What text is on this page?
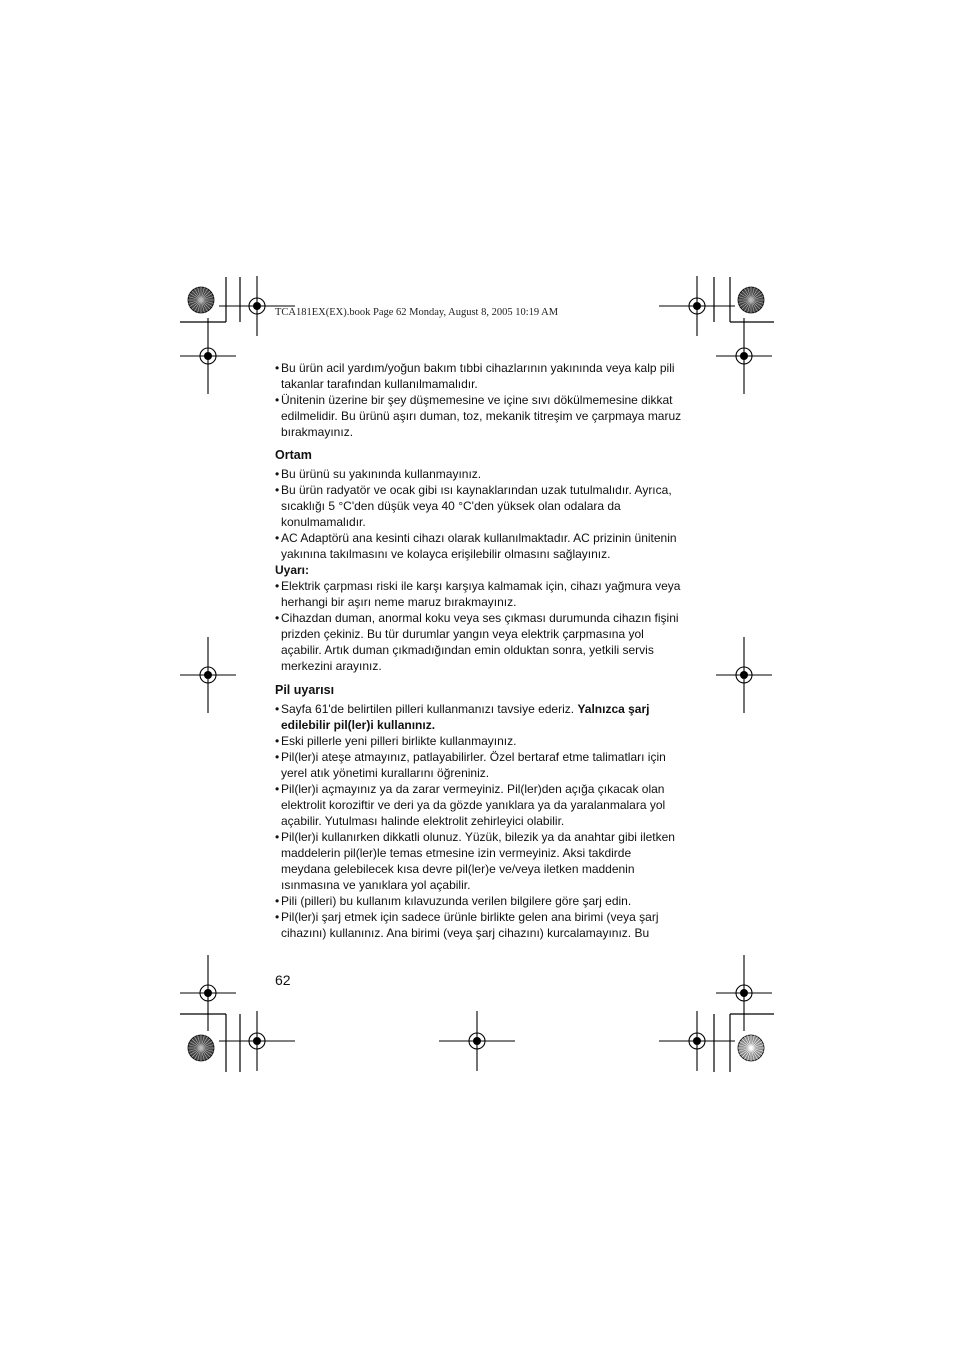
TCA181EX(EX).book Page 62 Monday, August 8, 2005 10:19 AM
• Bu ürün acil yardım/yoğun bakım tıbbi cihazlarının yakınında veya kalp pili takanlar tarafından kullanılmamalıdır.
• Ünitenin üzerine bir şey düşmemesine ve içine sıvı dökülmemesine dikkat edilmelidir. Bu ürünü aşırı duman, toz, mekanik titreşim ve çarpmaya maruz bırakmayınız.
Ortam
• Bu ürünü su yakınında kullanmayınız.
• Bu ürün radyatör ve ocak gibi ısı kaynaklarından uzak tutulmalıdır. Ayrıca, sıcaklığı 5 °C'den düşük veya 40 °C'den yüksek olan odalara da konulmamalıdır.
• AC Adaptörü ana kesinti cihazı olarak kullanılmaktadır. AC prizinin ünitenin yakınına takılmasını ve kolayca erişilebilir olmasını sağlayınız.
Uyarı:
• Elektrik çarpması riski ile karşı karşıya kalmamak için, cihazı yağmura veya herhangi bir aşırı neme maruz bırakmayınız.
• Cihazdan duman, anormal koku veya ses çıkması durumunda cihazın fişini prizden çekiniz. Bu tür durumlar yangın veya elektrik çarpmasına yol açabilir. Artık duman çıkmadığından emin olduktan sonra, yetkili servis merkezini arayınız.
Pil uyarısı
• Sayfa 61'de belirtilen pilleri kullanmanızı tavsiye ederiz. Yalnızca şarj edilebilir pil(ler)i kullanınız.
• Eski pillerle yeni pilleri birlikte kullanmayınız.
• Pil(ler)i ateşe atmayınız, patlayabilirler. Özel bertaraf etme talimatları için yerel atık yönetimi kurallarını öğreniniz.
• Pil(ler)i açmayınız ya da zarar vermeyiniz. Pil(ler)den açığa çıkacak olan elektrolit koroziftir ve deri ya da gözde yanıklara ya da yaralanmalara yol açabilir. Yutulması halinde elektrolit zehirleyici olabilir.
• Pil(ler)i kullanırken dikkatli olunuz. Yüzük, bilezik ya da anahtar gibi iletken maddelerin pil(ler)le temas etmesine izin vermeyiniz. Aksi takdirde meydana gelebilecek kısa devre pil(ler)e ve/veya iletken maddenin ısınmasına ve yanıklara yol açabilir.
• Pili (pilleri) bu kullanım kılavuzunda verilen bilgilere göre şarj edin.
• Pil(ler)i şarj etmek için sadece ürünle birlikte gelen ana birimi (veya şarj cihazını) kullanınız. Ana birimi (veya şarj cihazını) kurcalamayınız. Bu
62
